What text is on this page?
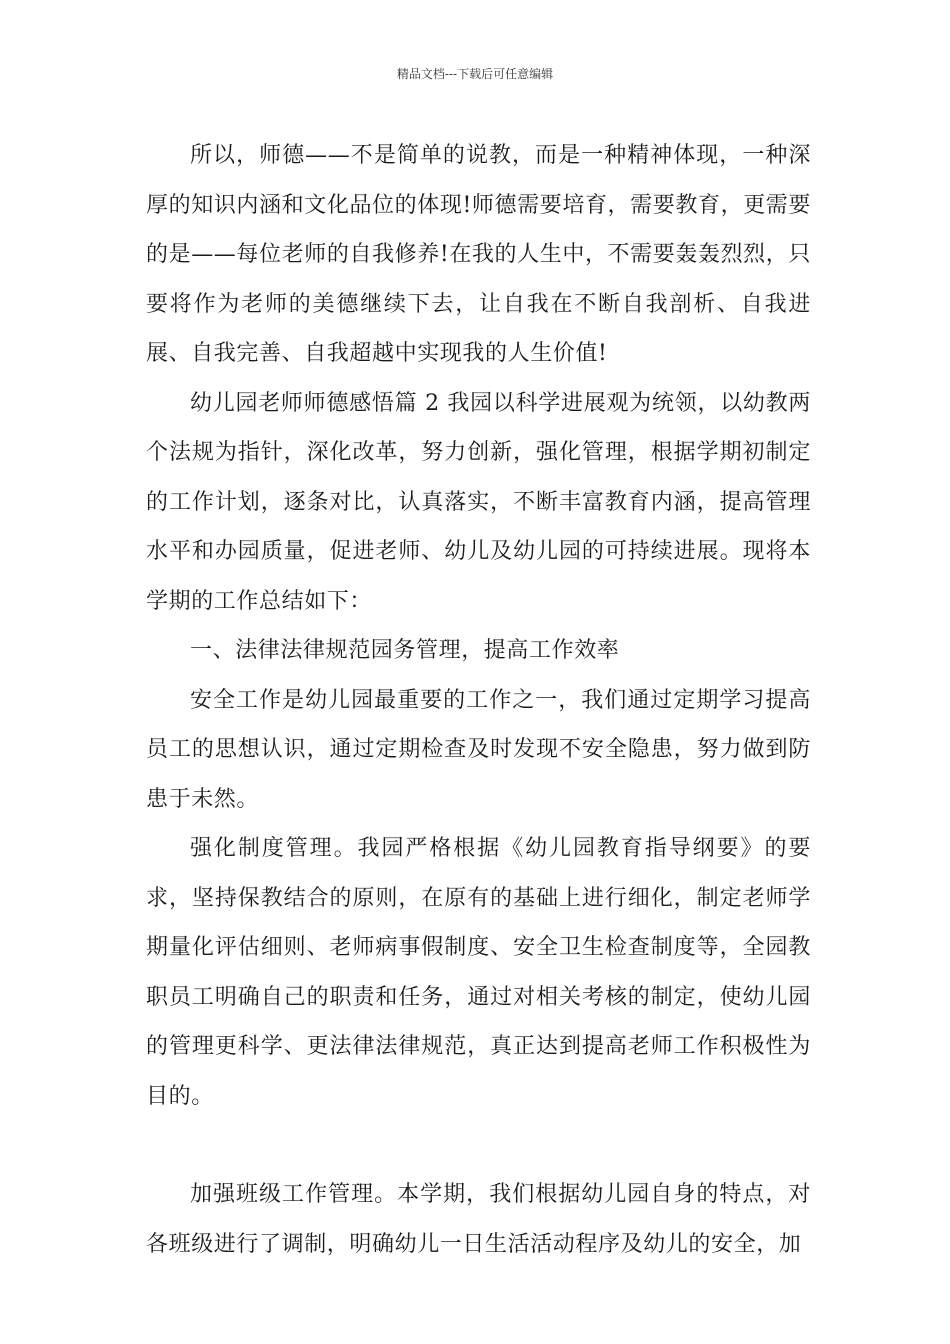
精品文档---下载后可任意编辑

所以，师德——不是简单的说教，而是一种精神体现，一种深厚的知识内涵和文化品位的体现!师德需要培育，需要教育，更需要的是——每位老师的自我修养!在我的人生中，不需要轰轰烈烈，只要将作为老师的美德继续下去，让自我在不断自我剖析、自我进展、自我完善、自我超越中实现我的人生价值!

幼儿园老师师德感悟篇 2 我园以科学进展观为统领，以幼教两个法规为指针，深化改革，努力创新，强化管理，根据学期初制定的工作计划，逐条对比，认真落实，不断丰富教育内涵，提高管理水平和办园质量，促进老师、幼儿及幼儿园的可持续进展。现将本学期的工作总结如下：

一、法律法律规范园务管理，提高工作效率

安全工作是幼儿园最重要的工作之一，我们通过定期学习提高员工的思想认识，通过定期检查及时发现不安全隐患，努力做到防患于未然。

强化制度管理。我园严格根据《幼儿园教育指导纲要》的要求，坚持保教结合的原则，在原有的基础上进行细化，制定老师学期量化评估细则、老师病事假制度、安全卫生检查制度等，全园教职员工明确自己的职责和任务，通过对相关考核的制定，使幼儿园的管理更科学、更法律法律规范，真正达到提高老师工作积极性为目的。

加强班级工作管理。本学期，我们根据幼儿园自身的特点，对各班级进行了调制，明确幼儿一日生活活动程序及幼儿的安全，加
